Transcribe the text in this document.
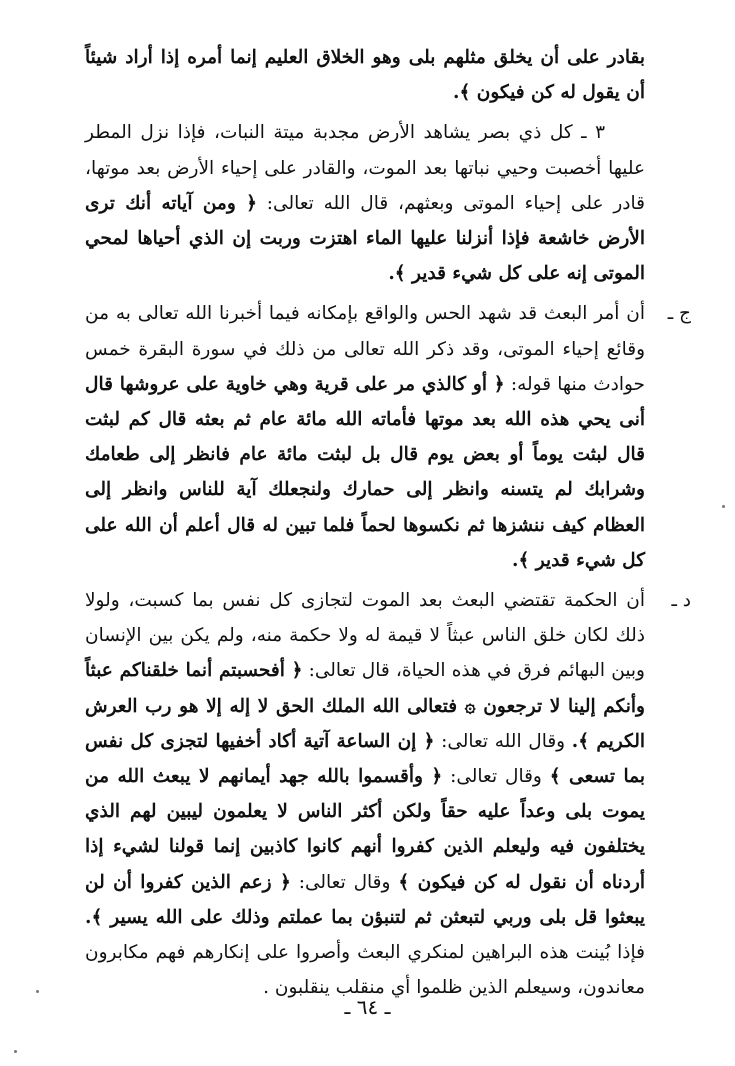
بقادر على أن يخلق مثلهم بلى وهو الخلاق العليم إنما أمره إذا أراد شيئاً أن يقول له كن فيكون ﴾.

٣ ـ كل ذي بصر يشاهد الأرض مجدبة ميتة النبات، فإذا نزل المطر عليها أخصبت وحيي نباتها بعد الموت، والقادر على إحياء الأرض بعد موتها، قادر على إحياء الموتى وبعثهم، قال الله تعالى: ﴿ ومن آياته أنك ترى الأرض خاشعة فإذا أنزلنا عليها الماء اهتزت وربت إن الذي أحياها لمحي الموتى إنه على كل شيء قدير ﴾.

ج ـ
أن أمر البعث قد شهد الحس والواقع بإمكانه فيما أخبرنا الله تعالى به من وقائع إحياء الموتى، وقد ذكر الله تعالى من ذلك في سورة البقرة خمس حوادث منها قوله: ﴿ أو كالذي مر على قرية وهي خاوية على عروشها قال أنى يحي هذه الله بعد موتها فأماته الله مائة عام ثم بعثه قال كم لبثت قال لبثت يوماً أو بعض يوم قال بل لبثت مائة عام فانظر إلى طعامك وشرابك لم يتسنه وانظر إلى حمارك ولنجعلك آية للناس وانظر إلى العظام كيف ننشزها ثم نكسوها لحماً فلما تبين له قال أعلم أن الله على كل شيء قدير ﴾.

د ـ
أن الحكمة تقتضي البعث بعد الموت لتجازى كل نفس بما كسبت، ولولا ذلك لكان خلق الناس عبثاً لا قيمة له ولا حكمة منه، ولم يكن بين الإنسان وبين البهائم فرق في هذه الحياة، قال تعالى: ﴿ أفحسبتم أنما خلقناكم عبثاً وأنكم إلينا لا ترجعون ۞ فتعالى الله الملك الحق لا إله إلا هو رب العرش الكريم ﴾. وقال الله تعالى: ﴿ إن الساعة آتية أكاد أخفيها لتجزى كل نفس بما تسعى ﴾ وقال تعالى: ﴿ وأقسموا بالله جهد أيمانهم لا يبعث الله من يموت بلى وعداً عليه حقاً ولكن أكثر الناس لا يعلمون ليبين لهم الذي يختلفون فيه وليعلم الذين كفروا أنهم كانوا كاذبين إنما قولنا لشيء إذا أردناه أن نقول له كن فيكون ﴾ وقال تعالى: ﴿ زعم الذين كفروا أن لن يبعثوا قل بلى وربي لتبعثن ثم لتنبؤن بما عملتم وذلك على الله يسير ﴾. فإذا بُينت هذه البراهين لمنكري البعث وأصروا على إنكارهم فهم مكابرون معاندون، وسيعلم الذين ظلموا أي منقلب ينقلبون .

ـ ٦٤ ـ
